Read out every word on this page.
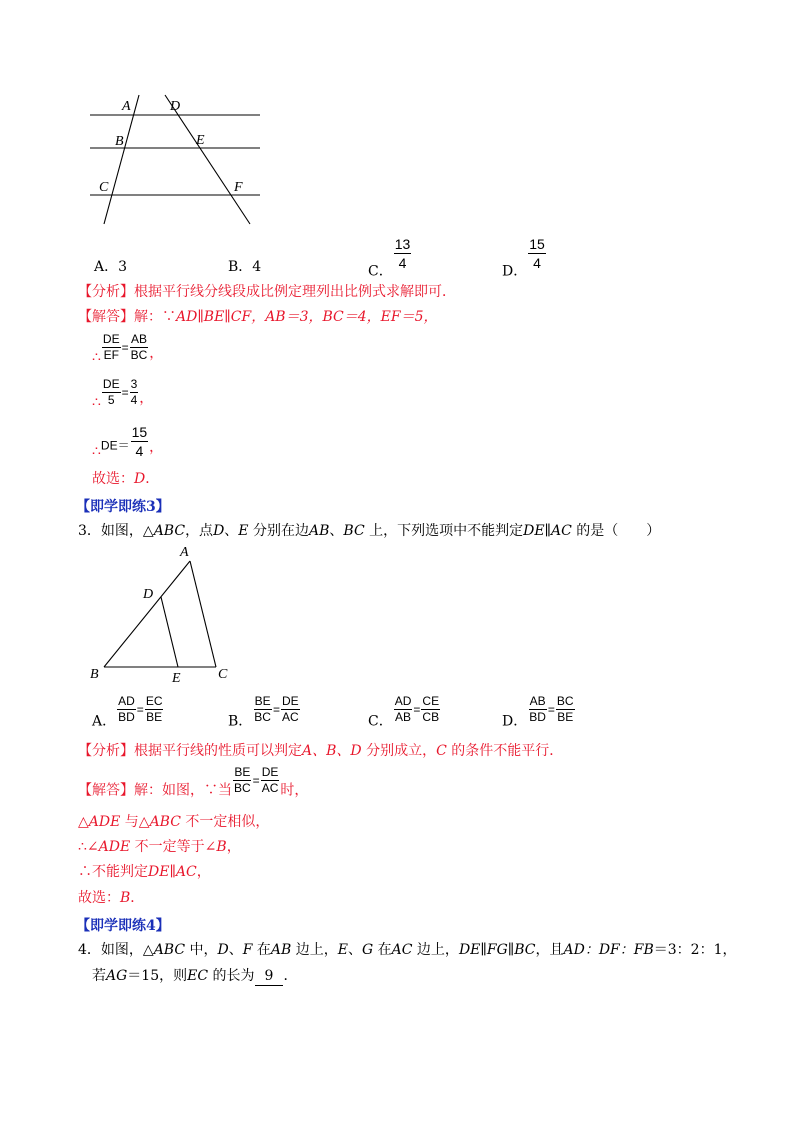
A	D
B	E
C	F
A．3	B．4	C．
$\frac{13}{4}$
D．
$\frac{15}{4}$
【分析】根据平行线分线段成比例定理列出比例式求解即可．
【解答】解：∵AD∥BE∥CF，AB＝3，BC＝4，EF＝5，
∴ $\frac{DE}{EF} = \frac{AB}{BC}$ ，
∴ $\frac{DE}{5} = \frac{3}{4}$ ，
∴DE＝ $\frac{15}{4}$ ，
故选：D．
【即学即练3】
3．如图，△ABC，点D、E 分别在边AB、BC 上，下列选项中不能判定DE∥AC 的是（　　）
A
D
B	E	C
A． $\frac{AD}{BD} = \frac{EC}{BE}$	B． $\frac{BE}{BC} = \frac{DE}{AC}$	C． $\frac{AD}{AB} = \frac{CE}{CB}$	D． $\frac{AB}{BD} = \frac{BC}{BE}$
【分析】根据平行线的性质可以判定A、B、D 分别成立，C 的条件不能平行．
【解答】解：如图，∵当 $\frac{BE}{BC} = \frac{DE}{AC}$ 时，
△ADE 与△ABC 不一定相似，
∴∠ADE 不一定等于∠B，
∴不能判定DE∥AC，
故选：B．
【即学即练4】
4．如图，△ABC 中，D、F 在AB 边上，E、G 在AC 边上，DE∥FG∥BC，且AD：DF：FB＝3：2：1，
若AG＝15，则EC 的长为 9 ．
